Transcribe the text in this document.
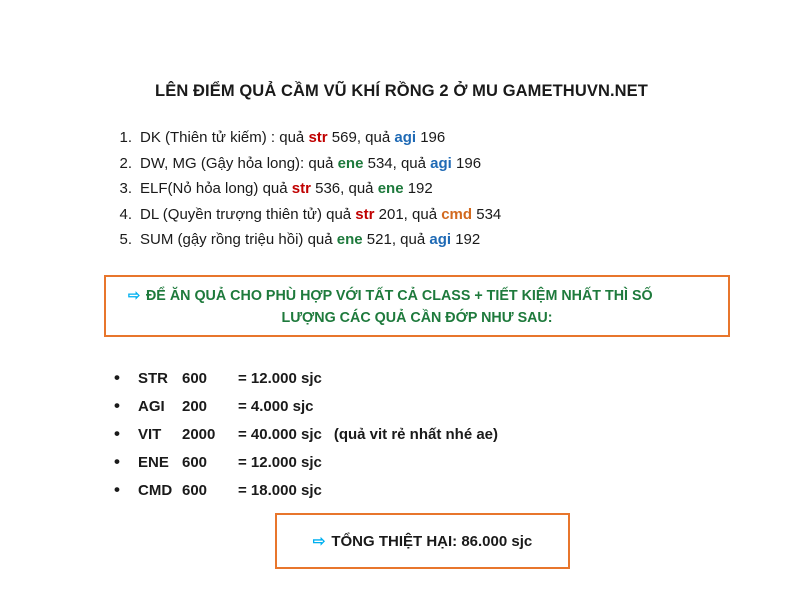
LÊN ĐIỂM QUẢ CẦM VŨ KHÍ RỒNG 2 Ở MU GAMETHUVN.NET
1. DK (Thiên tử kiếm) : quả str 569, quả agi 196
2. DW, MG (Gậy hỏa long): quả ene 534, quả agi 196
3. ELF(Nỏ hỏa long) quả str 536, quả ene 192
4. DL (Quyền trượng thiên tử) quả str 201, quả cmd 534
5. SUM (gậy rồng triệu hồi) quả ene 521, quả agi 192
⇨ ĐỂ ĂN QUẢ CHO PHÙ HỢP VỚI TẤT CẢ CLASS + TIẾT KIỆM NHẤT THÌ SỐ
LƯỢNG CÁC QUẢ CẦN ĐỚP NHƯ SAU:
• STR 600 = 12.000 sjc
• AGI 200 = 4.000 sjc
• VIT 2000 = 40.000 sjc (quả vit rẻ nhất nhé ae)
• ENE 600 = 12.000 sjc
• CMD 600 = 18.000 sjc
⇨ TỔNG THIỆT HẠI: 86.000 sjc
